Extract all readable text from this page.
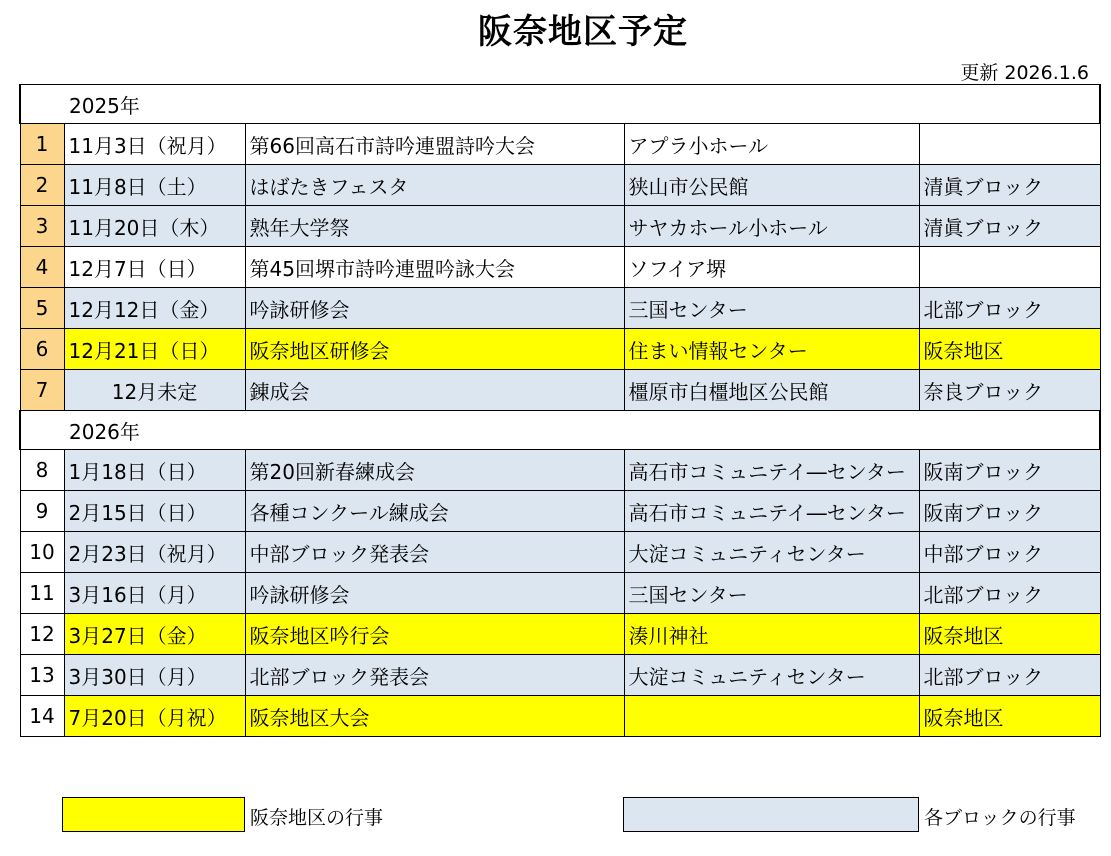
阪奈地区予定
更新 2026.1.6
2025年				
1	11月3日（祝月）	第66回高石市詩吟連盟詩吟大会	アプラ小ホール	
2	11月8日（土）	はばたきフェスタ	狭山市公民館	清眞ブロック
3	11月20日（木）	熟年大学祭	サヤカホール小ホール	清眞ブロック
4	12月7日（日）	第45回堺市詩吟連盟吟詠大会	ソフイア堺	
5	12月12日（金）	吟詠研修会	三国センター	北部ブロック
6	12月21日（日）	阪奈地区研修会	住まい情報センター	阪奈地区
7	12月未定	錬成会	橿原市白橿地区公民館	奈良ブロック
2026年				
8	1月18日（日）	第20回新春練成会	高石市コミュニテイ―センター	阪南ブロック
9	2月15日（日）	各種コンクール練成会	高石市コミュニテイ―センター	阪南ブロック
10	2月23日（祝月）	中部ブロック発表会	大淀コミュニティセンター	中部ブロック
11	3月16日（月）	吟詠研修会	三国センター	北部ブロック
12	3月27日（金）	阪奈地区吟行会	湊川神社	阪奈地区
13	3月30日（月）	北部ブロック発表会	大淀コミュニティセンター	北部ブロック
14	7月20日（月祝）	阪奈地区大会		阪奈地区
阪奈地区の行事	各ブロックの行事
